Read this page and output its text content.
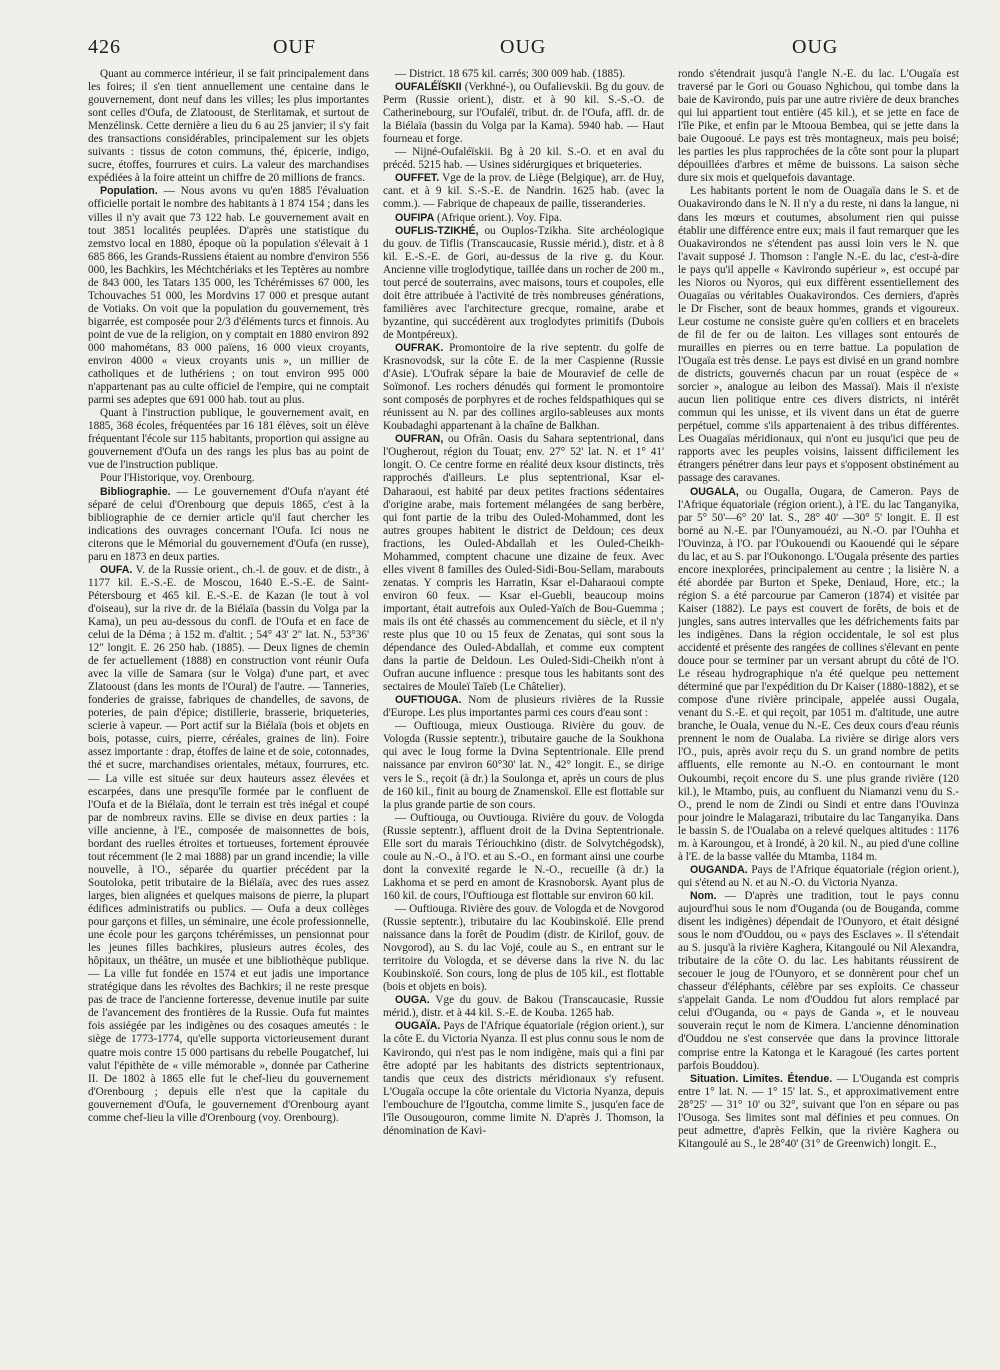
426	OUF	OUG	OUG

Quant au commerce intérieur, il se fait principalement dans les foires; il s'en tient annuellement une centaine dans le gouvernement, dont neuf dans les villes; les plus importantes sont celles d'Oufa, de Zlatooust, de Sterlitamak, et surtout de Menzélinsk. Cette dernière a lieu du 6 au 25 janvier; il s'y fait des transactions considérables, principalement sur les objets suivants : tissus de coton communs, thé, épicerie, indigo, sucre, étoffes, fourrures et cuirs. La valeur des marchandises expédiées à la foire atteint un chiffre de 20 millions de francs.

Population. — Nous avons vu qu'en 1885 l'évaluation officielle portait le nombre des habitants à 1 874 154 ; dans les villes il n'y avait que 73 122 hab. Le gouvernement avait en tout 3851 localités peuplées. D'après une statistique du zemstvo local en 1880, époque où la population s'élevait à 1 685 866, les Grands-Russiens étaient au nombre d'environ 556 000, les Bachkirs, les Méchtchériaks et les Teptères au nombre de 843 000, les Tatars 135 000, les Tchérémisses 67 000, les Tchouvaches 51 000, les Mordvins 17 000 et presque autant de Votiaks. On voit que la population du gouvernement, très bigarrée, est composée pour 2/3 d'éléments turcs et finnois. Au point de vue de la religion, on y comptait en 1880 environ 892 000 mahométans, 83 000 païens, 16 000 vieux croyants, environ 4000 « vieux croyants unis », un millier de catholiques et de luthériens ; on tout environ 995 000 n'appartenant pas au culte officiel de l'empire, qui ne comptait parmi ses adeptes que 691 000 hab. tout au plus.

Quant à l'instruction publique, le gouvernement avait, en 1885, 368 écoles, fréquentées par 16 181 élèves, soit un élève fréquentant l'école sur 115 habitants, proportion qui assigne au gouvernement d'Oufa un des rangs les plus bas au point de vue de l'instruction publique.

Pour l'Historique, voy. Orenbourg.

Bibliographie. — Le gouvernement d'Oufa n'ayant été séparé de celui d'Orenbourg que depuis 1865, c'est à la bibliographie de ce dernier article qu'il faut chercher les indications des ouvrages concernant l'Oufa. Ici nous ne citerons que le Mémorial du gouvernement d'Oufa (en russe), paru en 1873 en deux parties.

OUFA. V. de la Russie orient., ch.-l. de gouv. et de distr., à 1177 kil. E.-S.-E. de Moscou, 1640 E.-S.-E. de Saint-Pétersbourg et 465 kil. E.-S.-E. de Kazan (le tout à vol d'oiseau), sur la rive dr. de la Biélaïa (bassin du Volga par la Kama), un peu au-dessous du confl. de l'Oufa et en face de celui de la Déma ; à 152 m. d'altit. ; 54° 43' 2" lat. N., 53°36' 12" longit. E. 26 250 hab. (1885). — Deux lignes de chemin de fer actuellement (1888) en construction vont réunir Oufa avec la ville de Samara (sur le Volga) d'une part, et avec Zlatooust (dans les monts de l'Oural) de l'autre. — Tanneries, fonderies de graisse, fabriques de chandelles, de savons, de poteries, de pain d'épice; distillerie, brasserie, briqueteries, scierie à vapeur. — Port actif sur la Biélaïa (bois et objets en bois, potasse, cuirs, pierre, céréales, graines de lin). Foire assez importante : drap, étoffes de laine et de soie, cotonnades, thé et sucre, marchandises orientales, métaux, fourrures, etc. — La ville est située sur deux hauteurs assez élevées et escarpées, dans une presqu'île formée par le confluent de l'Oufa et de la Biélaïa, dont le terrain est très inégal et coupé par de nombreux ravins. Elle se divise en deux parties : la ville ancienne, à l'E., composée de maisonnettes de bois, bordant des ruelles étroites et tortueuses, fortement éprouvée tout récemment (le 2 mai 1888) par un grand incendie; la ville nouvelle, à l'O., séparée du quartier précédent par la Soutoloka, petit tributaire de la Biélaïa, avec des rues assez larges, bien alignées et quelques maisons de pierre, la plupart édifices administratifs ou publics. — Oufa a deux collèges pour garçons et filles, un séminaire, une école professionnelle, une école pour les garçons tchérémisses, un pensionnat pour les jeunes filles bachkires, plusieurs autres écoles, des hôpitaux, un théâtre, un musée et une bibliothèque publique. — La ville fut fondée en 1574 et eut jadis une importance stratégique dans les révoltes des Bachkirs; il ne reste presque pas de trace de l'ancienne forteresse, devenue inutile par suite de l'avancement des frontières de la Russie. Oufa fut maintes fois assiégée par les indigènes ou des cosaques ameutés : le siège de 1773-1774, qu'elle supporta victorieusement durant quatre mois contre 15 000 partisans du rebelle Pougatchef, lui valut l'épithète de « ville mémorable », donnée par Catherine II. De 1802 à 1865 elle fut le chef-lieu du gouvernement d'Orenbourg ; depuis elle n'est que la capitale du gouvernement d'Oufa, le gouvernement d'Orenbourg ayant comme chef-lieu la ville d'Orenbourg (voy. Orenbourg).

— District. 18 675 kil. carrés; 300 009 hab. (1885).

OUFALÉÏSKII (Verkhné-), ou Oufalievskii. Bg du gouv. de Perm (Russie orient.), distr. et à 90 kil. S.-S.-O. de Catherinebourg, sur l'Oufaléï, tribut. dr. de l'Oufa, affl. dr. de la Biélaïa (bassin du Volga par la Kama). 5940 hab. — Haut fourneau et forge.

— Nijné-Oufaléïskii. Bg à 20 kil. S.-O. et en aval du précéd. 5215 hab. — Usines sidérurgiques et briqueteries.

OUFFET. Vge de la prov. de Liège (Belgique), arr. de Huy, cant. et à 9 kil. S.-S.-E. de Nandrin. 1625 hab. (avec la comm.). — Fabrique de chapeaux de paille, tisseranderies.

OUFIPA (Afrique orient.). Voy. Fipa.

OUFLIS-TZIKHÉ, ou Ouplos-Tzikha. Site archéologique du gouv. de Tiflis (Transcaucasie, Russie mérid.), distr. et à 8 kil. E.-S.-E. de Gori, au-dessus de la rive g. du Kour. Ancienne ville troglodytique, taillée dans un rocher de 200 m., tout percé de souterrains, avec maisons, tours et coupoles, elle doit être attribuée à l'activité de très nombreuses générations, familières avec l'architecture grecque, romaine, arabe et byzantine, qui succédèrent aux troglodytes primitifs (Dubois de Montpéreux).

OUFRAK. Promontoire de la rive septentr. du golfe de Krasnovodsk, sur la côte E. de la mer Caspienne (Russie d'Asie). L'Oufrak sépare la baie de Mouravief de celle de Soïmonof. Les rochers dénudés qui forment le promontoire sont composés de porphyres et de roches feldspathiques qui se réunissent au N. par des collines argilo-sableuses aux monts Koubadaghi appartenant à la chaîne de Balkhan.

OUFRAN, ou Ofrân. Oasis du Sahara septentrional, dans l'Ougherout, région du Touat; env. 27° 52' lat. N. et 1° 41' longit. O. Ce centre forme en réalité deux ksour distincts, très rapprochés d'ailleurs. Le plus septentrional, Ksar el-Daharaoui, est habité par deux petites fractions sédentaires d'origine arabe, mais fortement mélangées de sang berbère, qui font partie de la tribu des Ouled-Mohammed, dont les autres groupes habitent le district de Deldoun; ces deux fractions, les Ouled-Abdallah et les Ouled-Cheikh-Mohammed, comptent chacune une dizaine de feux. Avec elles vivent 8 familles des Ouled-Sidi-Bou-Sellam, marabouts zenatas. Y compris les Harratin, Ksar el-Daharaoui compte environ 60 feux. — Ksar el-Guebli, beaucoup moins important, était autrefois aux Ouled-Yaïch de Bou-Guemma ; mais ils ont été chassés au commencement du siècle, et il n'y reste plus que 10 ou 15 feux de Zenatas, qui sont sous la dépendance des Ouled-Abdallah, et comme eux comptent dans la partie de Deldoun. Les Ouled-Sidi-Cheikh n'ont à Oufran aucune influence : presque tous les habitants sont des sectaires de Mouleï Taïeb (Le Châtelier).

OUFTIOUGA. Nom de plusieurs rivières de la Russie d'Europe. Les plus importantes parmi ces cours d'eau sont :

— Ouftiouga, mieux Oustiouga. Rivière du gouv. de Vologda (Russie septentr.), tributaire gauche de la Soukhona qui avec le Ioug forme la Dvina Septentrionale. Elle prend naissance par environ 60°30' lat. N., 42° longit. E., se dirige vers le S., reçoit (à dr.) la Soulonga et, après un cours de plus de 160 kil., finit au bourg de Znamenskoï. Elle est flottable sur la plus grande partie de son cours.

— Ouftiouga, ou Ouvtiouga. Rivière du gouv. de Vologda (Russie septentr.), affluent droit de la Dvina Septentrionale. Elle sort du marais Tériouchkino (distr. de Solvytchégodsk), coule au N.-O., à l'O. et au S.-O., en formant ainsi une courbe dont la convexité regarde le N.-O., recueille (à dr.) la Lakhoma et se perd en amont de Krasnoborsk. Ayant plus de 160 kil. de cours, l'Ouftiouga est flottable sur environ 60 kil.

— Ouftiouga. Rivière des gouv. de Vologda et de Novgorod (Russie septentr.), tributaire du lac Koubinskoïé. Elle prend naissance dans la forêt de Poudim (distr. de Kirilof, gouv. de Novgorod), au S. du lac Vojé, coule au S., en entrant sur le territoire du Vologda, et se déverse dans la rive N. du lac Koubinskoïé. Son cours, long de plus de 105 kil., est flottable (bois et objets en bois).

OUGA. Vge du gouv. de Bakou (Transcaucasie, Russie mérid.), distr. et à 44 kil. S.-E. de Kouba. 1265 hab.

OUGAÏA. Pays de l'Afrique équatoriale (région orient.), sur la côte E. du Victoria Nyanza. Il est plus connu sous le nom de Kavirondo, qui n'est pas le nom indigène, mais qui a fini par être adopté par les habitants des districts septentrionaux, tandis que ceux des districts méridionaux s'y refusent. L'Ougaïa occupe la côte orientale du Victoria Nyanza, depuis l'embouchure de l'Igoutcha, comme limite S., jusqu'en face de l'île Ousougouron, comme limite N. D'après J. Thomson, la dénomination de Kavi-

rondo s'étendrait jusqu'à l'angle N.-E. du lac. L'Ougaïa est traversé par le Gori ou Gouaso Nghichou, qui tombe dans la baie de Kavirondo, puis par une autre rivière de deux branches qui lui appartient tout entière (45 kil.), et se jette en face de l'île Pike, et enfin par le Mtooua Bembea, qui se jette dans la baie Ougooué. Le pays est très montagneux, mais peu boisé; les parties les plus rapprochées de la côte sont pour la plupart dépouillées d'arbres et même de buissons. La saison sèche dure six mois et quelquefois davantage.

Les habitants portent le nom de Ouagaïa dans le S. et de Ouakavirondo dans le N. Il n'y a du reste, ni dans la langue, ni dans les mœurs et coutumes, absolument rien qui puisse établir une différence entre eux; mais il faut remarquer que les Ouakavirondos ne s'étendent pas aussi loin vers le N. que l'avait supposé J. Thomson : l'angle N.-E. du lac, c'est-à-dire le pays qu'il appelle « Kavirondo supérieur », est occupé par les Nioros ou Nyoros, qui eux diffèrent essentiellement des Ouagaïas ou véritables Ouakavirondos. Ces derniers, d'après le Dr Fischer, sont de beaux hommes, grands et vigoureux. Leur costume ne consiste guère qu'en colliers et en bracelets de fil de fer ou de laiton. Les villages sont entourés de murailles en pierres ou en terre battue. La population de l'Ougaïa est très dense. Le pays est divisé en un grand nombre de districts, gouvernés chacun par un rouat (espèce de « sorcier », analogue au leibon des Massaï). Mais il n'existe aucun lien politique entre ces divers districts, ni intérêt commun qui les unisse, et ils vivent dans un état de guerre perpétuel, comme s'ils appartenaient à des tribus différentes. Les Ouagaïas méridionaux, qui n'ont eu jusqu'ici que peu de rapports avec les peuples voisins, laissent difficilement les étrangers pénétrer dans leur pays et s'opposent obstinément au passage des caravanes.

OUGALA, ou Ougalla, Ougara, de Cameron. Pays de l'Afrique équatoriale (région orient.), à l'E. du lac Tanganyika, par 5° 50'—6° 20' lat. S., 28° 40' —30° 5' longit. E. Il est borné au N.-E. par l'Ounyamouézi, au N.-O. par l'Ouhha et l'Ouvinza, à l'O. par l'Oukouendi ou Kaouendé qui le sépare du lac, et au S. par l'Oukonongo. L'Ougala présente des parties encore inexplorées, principalement au centre ; la lisière N. a été abordée par Burton et Speke, Deniaud, Hore, etc.; la région S. a été parcourue par Cameron (1874) et visitée par Kaiser (1882). Le pays est couvert de forêts, de bois et de jungles, sans autres intervalles que les défrichements faits par les indigènes. Dans la région occidentale, le sol est plus accidenté et présente des rangées de collines s'élevant en pente douce pour se terminer par un versant abrupt du côté de l'O. Le réseau hydrographique n'a été quelque peu nettement déterminé que par l'expédition du Dr Kaiser (1880-1882), et se compose d'une rivière principale, appelée aussi Ougala, venant du S.-E. et qui reçoit, par 1051 m. d'altitude, une autre branche, le Ouala, venue du N.-E. Ces deux cours d'eau réunis prennent le nom de Oualaba. La rivière se dirige alors vers l'O., puis, après avoir reçu du S. un grand nombre de petits affluents, elle remonte au N.-O. en contournant le mont Oukoumbi, reçoit encore du S. une plus grande rivière (120 kil.), le Mtambo, puis, au confluent du Niamanzi venu du S.-O., prend le nom de Zindi ou Sindi et entre dans l'Ouvinza pour joindre le Malagarazi, tributaire du lac Tanganyika. Dans le bassin S. de l'Oualaba on a relevé quelques altitudes : 1176 m. à Karoungou, et à Irondé, à 20 kil. N., au pied d'une colline à l'E. de la basse vallée du Mtamba, 1184 m.

OUGANDA. Pays de l'Afrique équatoriale (région orient.), qui s'étend au N. et au N.-O. du Victoria Nyanza.

Nom. — D'après une tradition, tout le pays connu aujourd'hui sous le nom d'Ouganda (ou de Bouganda, comme disent les indigènes) dépendait de l'Ounyoro, et était désigné sous le nom d'Ouddou, ou « pays des Esclaves ». Il s'étendait au S. jusqu'à la rivière Kaghera, Kitangoulé ou Nil Alexandra, tributaire de la côte O. du lac. Les habitants réussirent de secouer le joug de l'Ounyoro, et se donnèrent pour chef un chasseur d'éléphants, célèbre par ses exploits. Ce chasseur s'appelait Ganda. Le nom d'Ouddou fut alors remplacé par celui d'Ouganda, ou « pays de Ganda », et le nouveau souverain reçut le nom de Kimera. L'ancienne dénomination d'Ouddou ne s'est conservée que dans la province littorale comprise entre la Katonga et le Karagoué (les cartes portent parfois Bouddou).

Situation. Limites. Étendue. — L'Ouganda est compris entre 1° lat. N. — 1° 15' lat. S., et approximativement entre 28°25' — 31° 10' ou 32°, suivant que l'on en sépare ou pas l'Ousoga. Ses limites sont mal définies et peu connues. On peut admettre, d'après Felkin, que la rivière Kaghera ou Kitangoulé au S., le 28°40' (31° de Greenwich) longit. E.,
